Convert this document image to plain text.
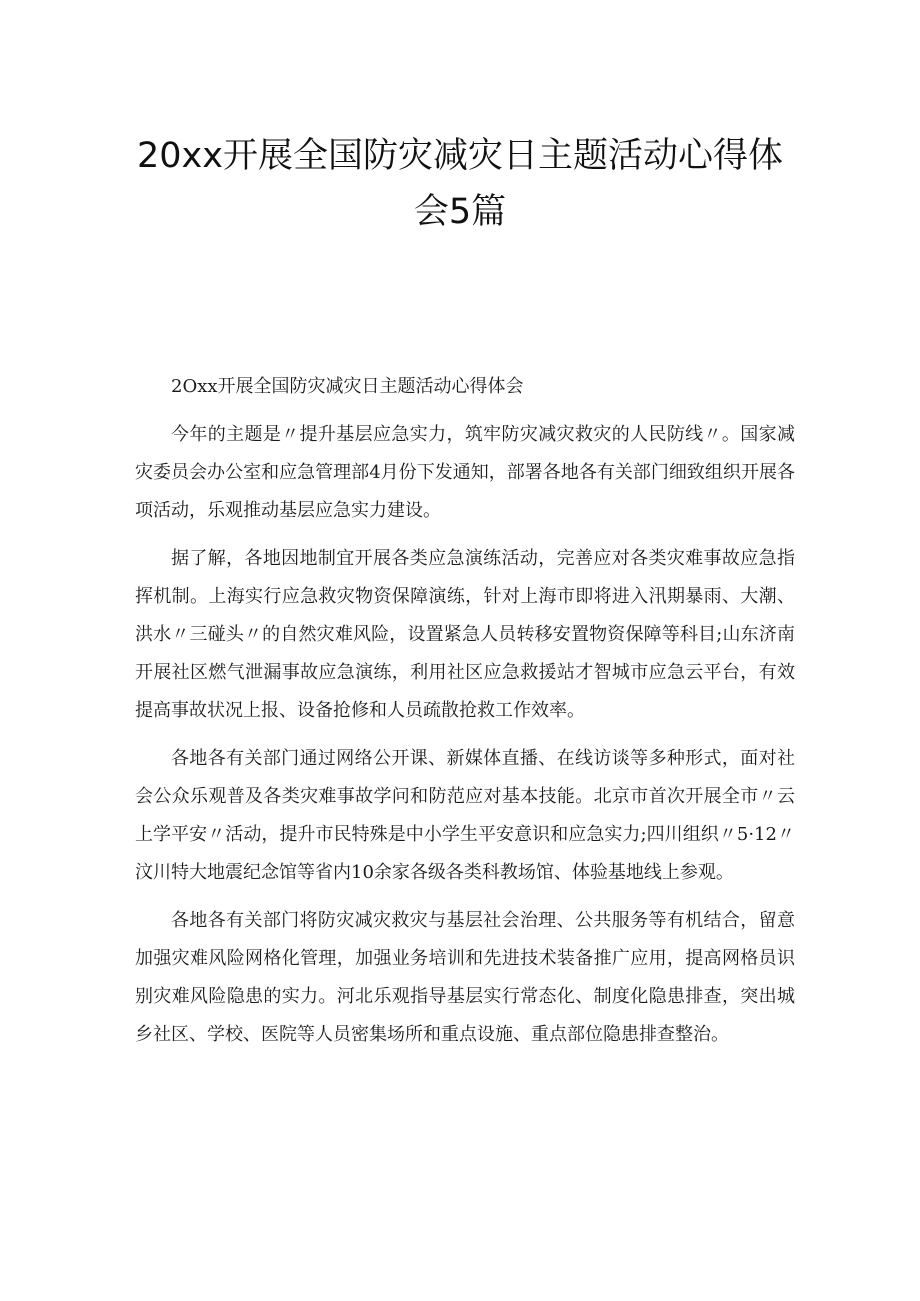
20xx开展全国防灾减灾日主题活动心得体
会5篇

2Oxx开展全国防灾减灾日主题活动心得体会

今年的主题是〃提升基层应急实力，筑牢防灾减灾救灾的人民防线〃。国家减灾委员会办公室和应急管理部4月份下发通知，部署各地各有关部门细致组织开展各项活动，乐观推动基层应急实力建设。

据了解，各地因地制宜开展各类应急演练活动，完善应对各类灾难事故应急指挥机制。上海实行应急救灾物资保障演练，针对上海市即将进入汛期暴雨、大潮、洪水〃三碰头〃的自然灾难风险，设置紧急人员转移安置物资保障等科目;山东济南开展社区燃气泄漏事故应急演练，利用社区应急救援站才智城市应急云平台，有效提高事故状况上报、设备抢修和人员疏散抢救工作效率。

各地各有关部门通过网络公开课、新媒体直播、在线访谈等多种形式，面对社会公众乐观普及各类灾难事故学问和防范应对基本技能。北京市首次开展全市〃云上学平安〃活动，提升市民特殊是中小学生平安意识和应急实力;四川组织〃5·12〃汶川特大地震纪念馆等省内10余家各级各类科教场馆、体验基地线上参观。

各地各有关部门将防灾减灾救灾与基层社会治理、公共服务等有机结合，留意加强灾难风险网格化管理，加强业务培训和先进技术装备推广应用，提高网格员识别灾难风险隐患的实力。河北乐观指导基层实行常态化、制度化隐患排查，突出城乡社区、学校、医院等人员密集场所和重点设施、重点部位隐患排查整治。
